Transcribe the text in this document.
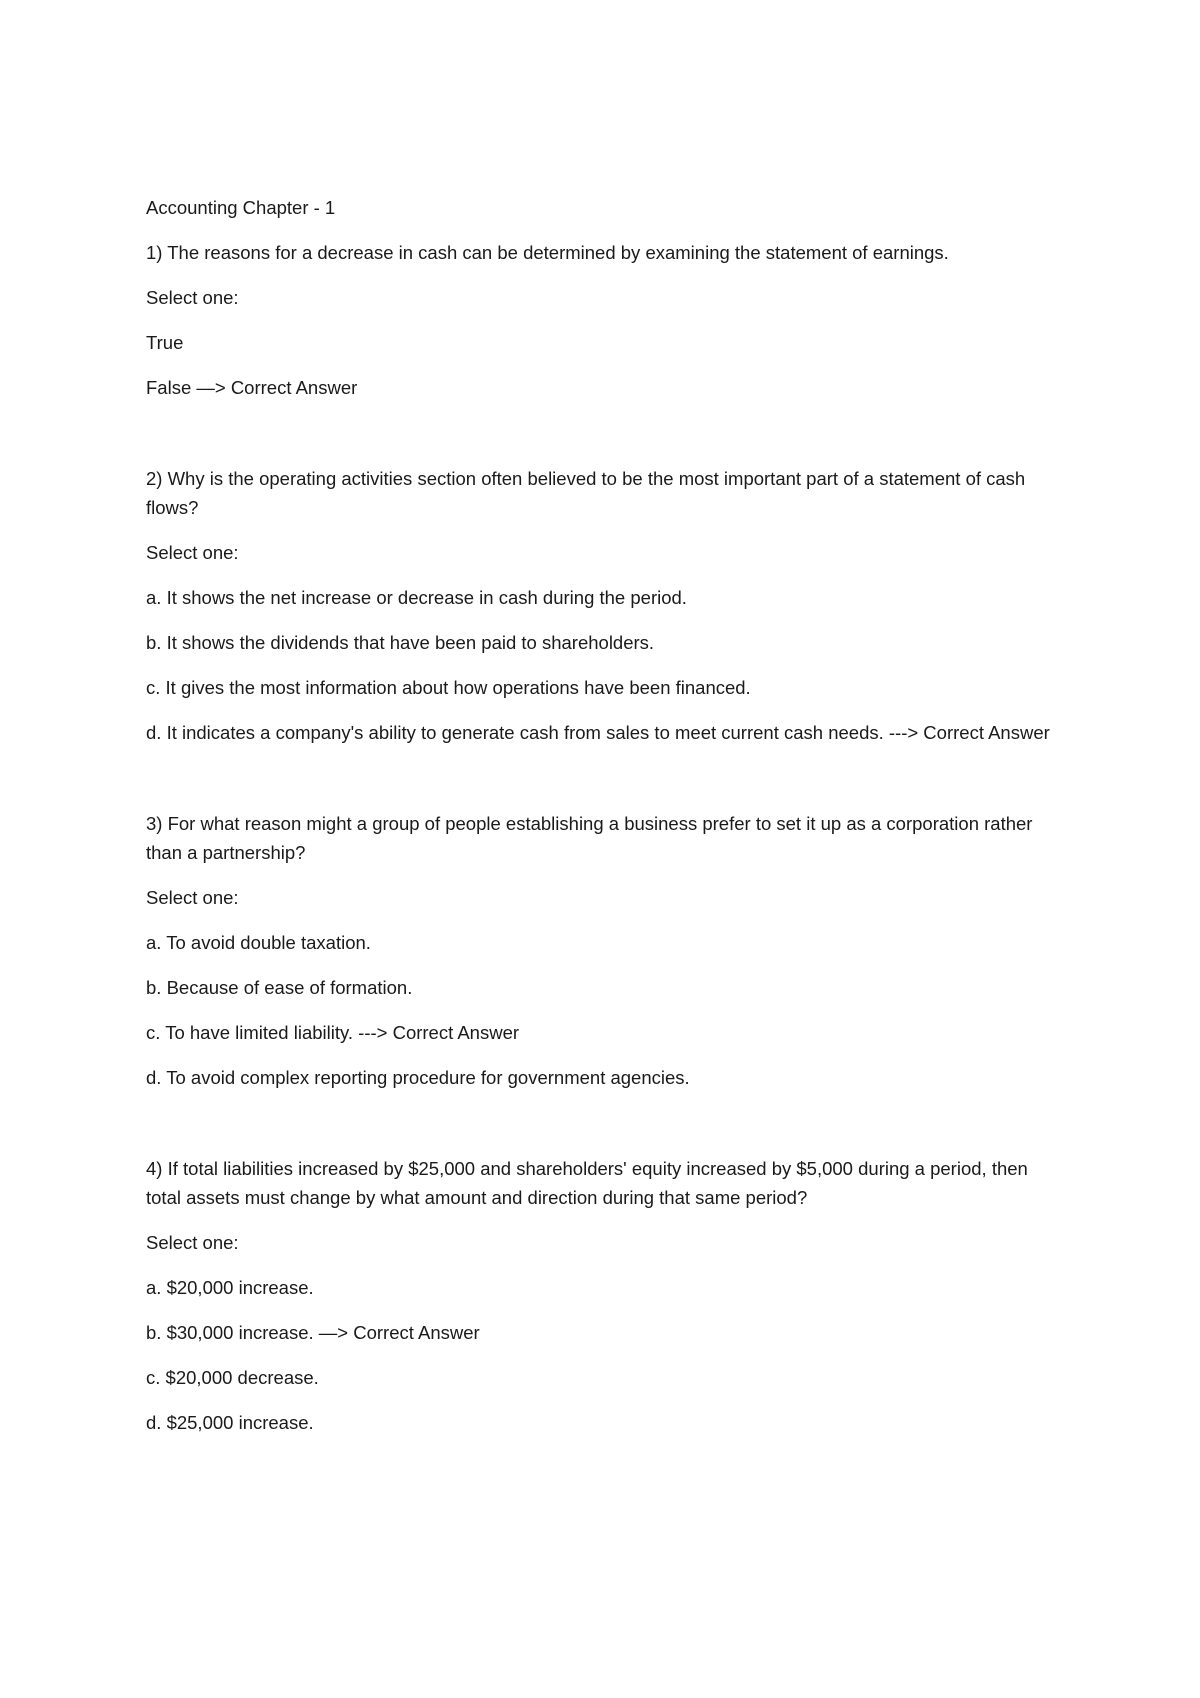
Accounting Chapter - 1

1) The reasons for a decrease in cash can be determined by examining the statement of earnings.

Select one:

True

False —> Correct Answer

2) Why is the operating activities section often believed to be the most important part of a statement of cash flows?

Select one:

a. It shows the net increase or decrease in cash during the period.

b. It shows the dividends that have been paid to shareholders.

c. It gives the most information about how operations have been financed.

d. It indicates a company's ability to generate cash from sales to meet current cash needs. ---> Correct Answer

3) For what reason might a group of people establishing a business prefer to set it up as a corporation rather than a partnership?

Select one:

a. To avoid double taxation.

b. Because of ease of formation.

c. To have limited liability. ---> Correct Answer

d. To avoid complex reporting procedure for government agencies.

4) If total liabilities increased by $25,000 and shareholders' equity increased by $5,000 during a period, then total assets must change by what amount and direction during that same period?

Select one:

a. $20,000 increase.

b. $30,000 increase. —> Correct Answer

c. $20,000 decrease.

d. $25,000 increase.
